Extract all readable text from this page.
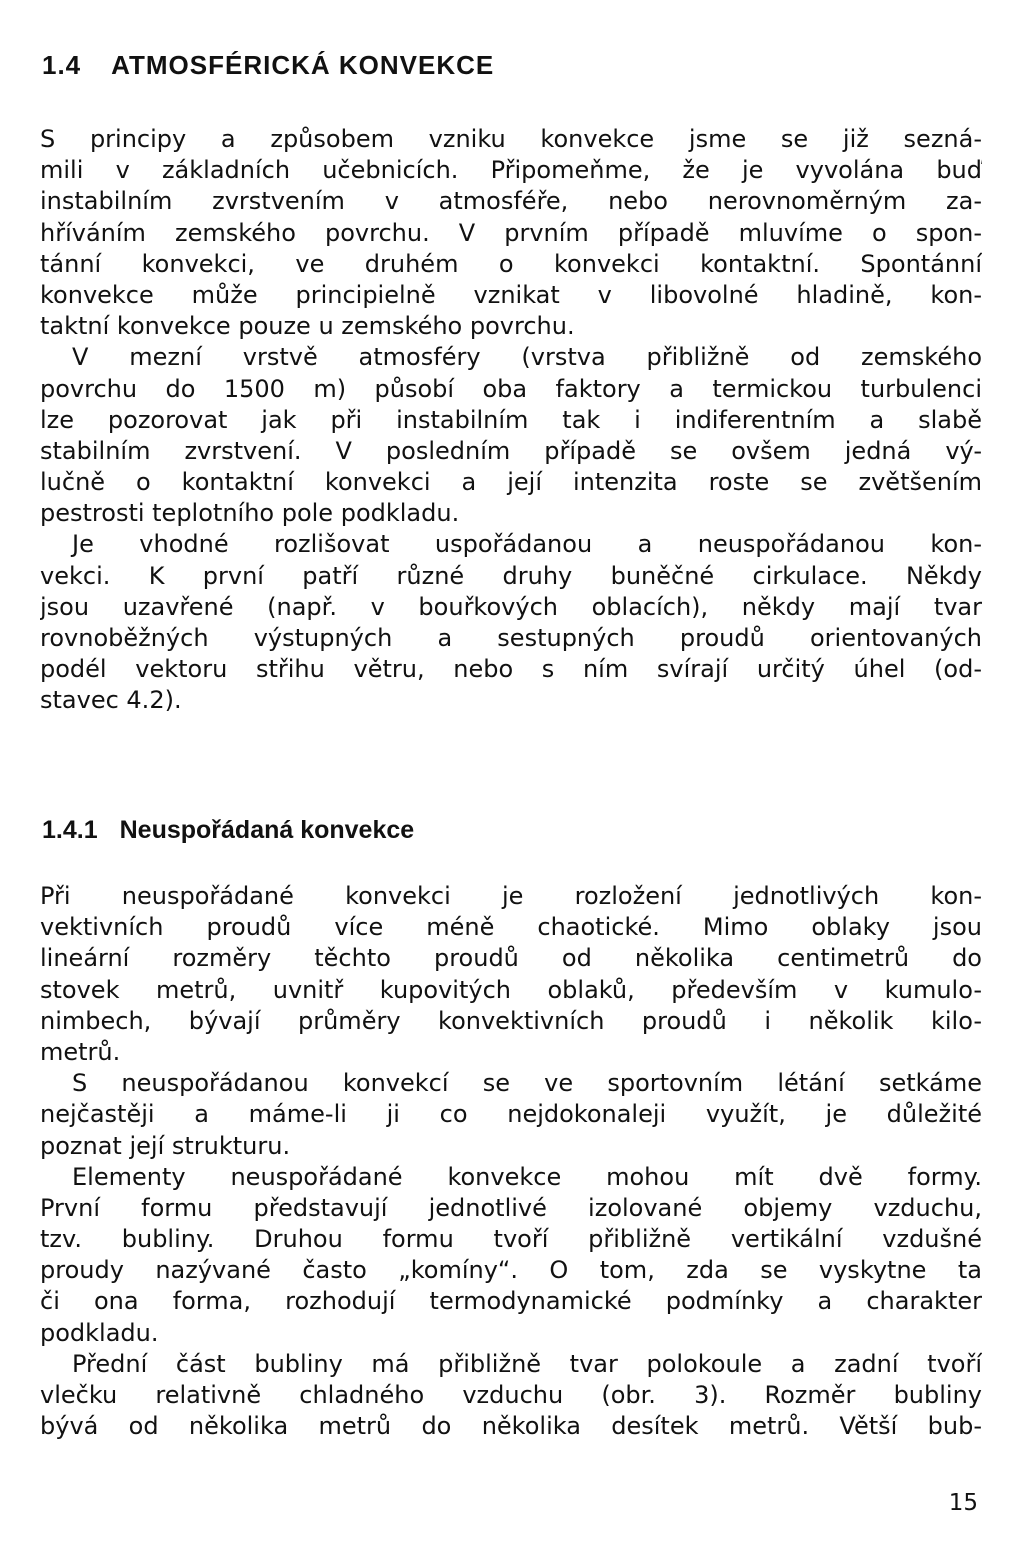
1.4 ATMOSFÉRICKÁ KONVEKCE
S principy a způsobem vzniku konvekce jsme se již sezná-
mili v základních učebnicích. Připomeňme, že je vyvolána buď
instabilním zvrstvením v atmosféře, nebo nerovnoměrným za-
hříváním zemského povrchu. V prvním případě mluvíme o spon-
tánní konvekci, ve druhém o konvekci kontaktní. Spontánní
konvekce může principielně vznikat v libovolné hladině, kon-
taktní konvekce pouze u zemského povrchu.
V mezní vrstvě atmosféry (vrstva přibližně od zemského
povrchu do 1500 m) působí oba faktory a termickou turbulenci
lze pozorovat jak při instabilním tak i indiferentním a slabě
stabilním zvrstvení. V posledním případě se ovšem jedná vý-
lučně o kontaktní konvekci a její intenzita roste se zvětšením
pestrosti teplotního pole podkladu.
Je vhodné rozlišovat uspořádanou a neuspořádanou kon-
vekci. K první patří různé druhy buněčné cirkulace. Někdy
jsou uzavřené (např. v bouřkových oblacích), někdy mají tvar
rovnoběžných výstupných a sestupných proudů orientovaných
podél vektoru střihu větru, nebo s ním svírají určitý úhel (od-
stavec 4.2).
1.4.1 Neuspořádaná konvekce
Při neuspořádané konvekci je rozložení jednotlivých kon-
vektivních proudů více méně chaotické. Mimo oblaky jsou
lineární rozměry těchto proudů od několika centimetrů do
stovek metrů, uvnitř kupovitých oblaků, především v kumulo-
nimbech, bývají průměry konvektivních proudů i několik kilo-
metrů.
S neuspořádanou konvekcí se ve sportovním létání setkáme
nejčastěji a máme-li ji co nejdokonaleji využít, je důležité
poznat její strukturu.
Elementy neuspořádané konvekce mohou mít dvě formy.
První formu představují jednotlivé izolované objemy vzduchu,
tzv. bubliny. Druhou formu tvoří přibližně vertikální vzdušné
proudy nazývané často „komíny“. O tom, zda se vyskytne ta
či ona forma, rozhodují termodynamické podmínky a charakter
podkladu.
Přední část bubliny má přibližně tvar polokoule a zadní tvoří
vlečku relativně chladného vzduchu (obr. 3). Rozměr bubliny
bývá od několika metrů do několika desítek metrů. Větší bub-

15
